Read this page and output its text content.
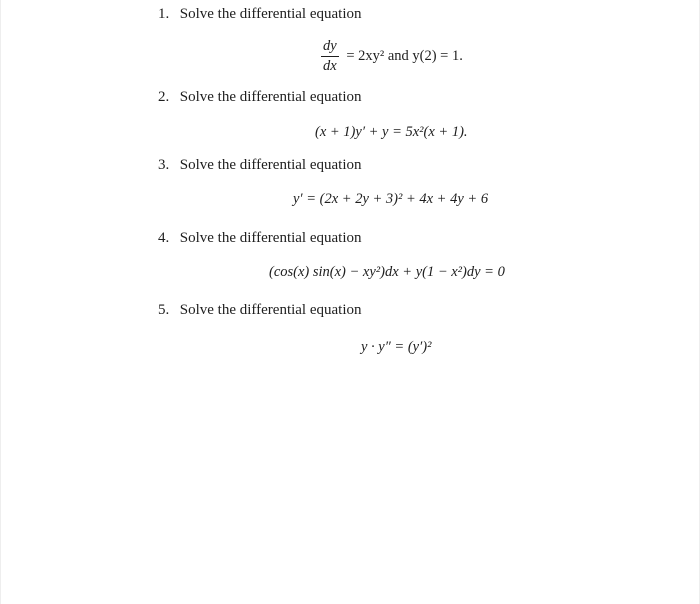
1. Solve the differential equation
$\frac{dy}{dx} = 2xy^2$ and y(2) = 1.
2. Solve the differential equation
(x + 1)y′ + y = 5x²(x + 1).
3. Solve the differential equation
y′ = (2x + 2y + 3)² + 4x + 4y + 6
4. Solve the differential equation
(cos(x) sin(x) − xy²)dx + y(1 − x²)dy = 0
5. Solve the differential equation
y · y″ = (y′)²
